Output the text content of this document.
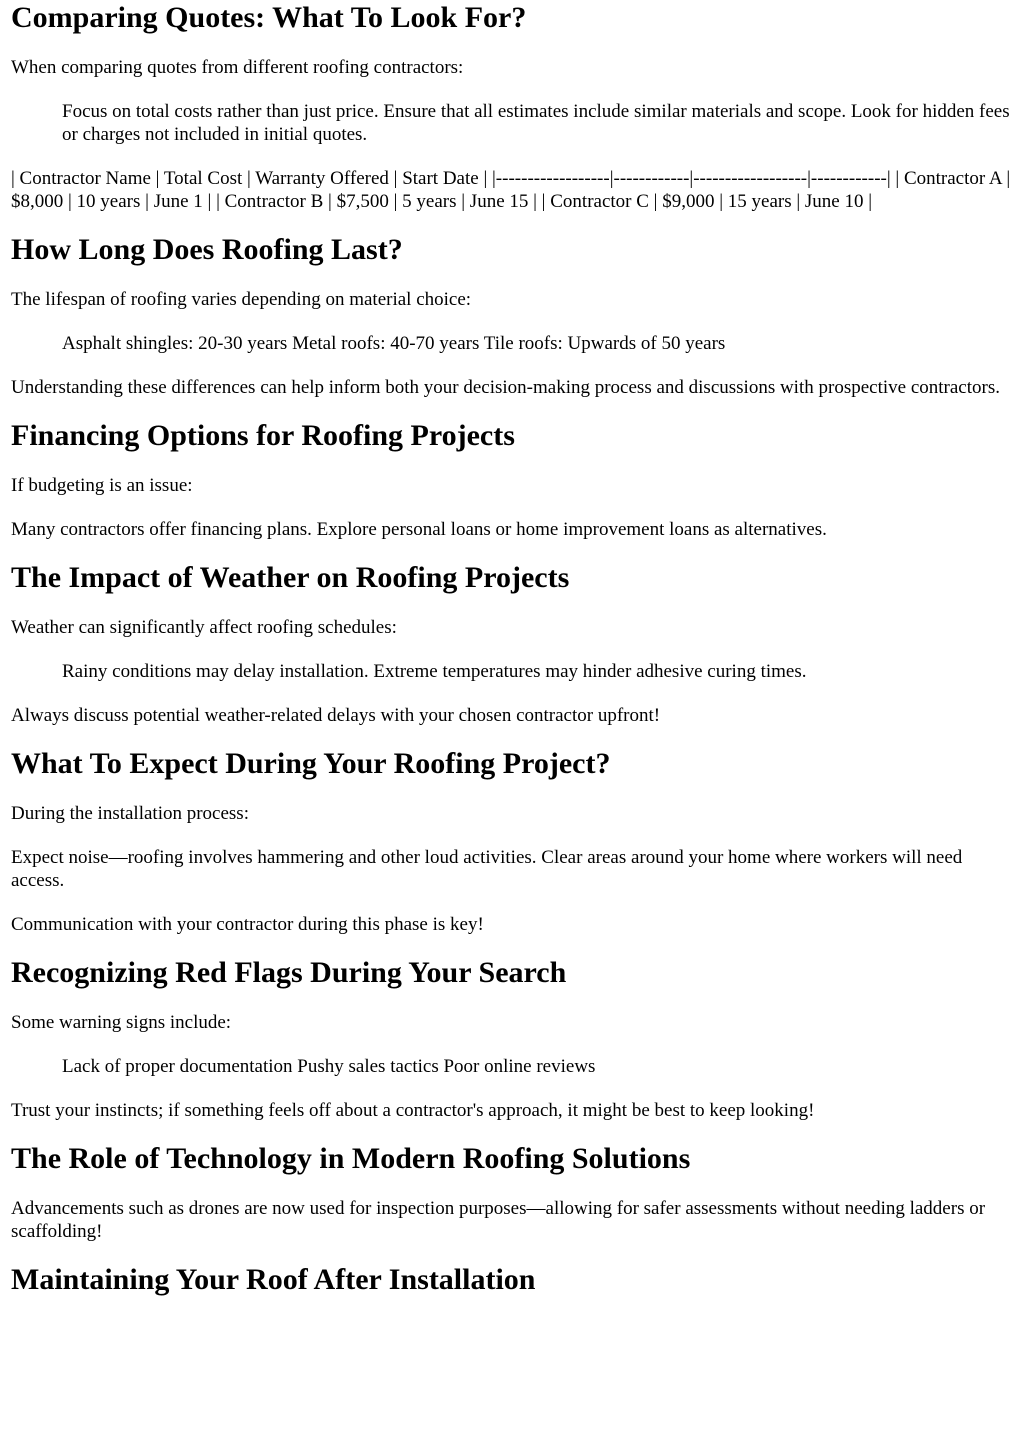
Comparing Quotes: What To Look For?

When comparing quotes from different roofing contractors:

Focus on total costs rather than just price. Ensure that all estimates include similar materials and scope. Look for hidden fees or charges not included in initial quotes.

| Contractor Name | Total Cost | Warranty Offered | Start Date | |------------------|------------|------------------|------------| | Contractor A | $8,000 | 10 years | June 1 | | Contractor B | $7,500 | 5 years | June 15 | | Contractor C | $9,000 | 15 years | June 10 |

How Long Does Roofing Last?

The lifespan of roofing varies depending on material choice:

Asphalt shingles: 20-30 years Metal roofs: 40-70 years Tile roofs: Upwards of 50 years

Understanding these differences can help inform both your decision-making process and discussions with prospective contractors.

Financing Options for Roofing Projects

If budgeting is an issue:

Many contractors offer financing plans. Explore personal loans or home improvement loans as alternatives.

The Impact of Weather on Roofing Projects

Weather can significantly affect roofing schedules:

Rainy conditions may delay installation. Extreme temperatures may hinder adhesive curing times.

Always discuss potential weather-related delays with your chosen contractor upfront!

What To Expect During Your Roofing Project?

During the installation process:

Expect noise—roofing involves hammering and other loud activities. Clear areas around your home where workers will need access.

Communication with your contractor during this phase is key!

Recognizing Red Flags During Your Search

Some warning signs include:

Lack of proper documentation Pushy sales tactics Poor online reviews

Trust your instincts; if something feels off about a contractor's approach, it might be best to keep looking!

The Role of Technology in Modern Roofing Solutions

Advancements such as drones are now used for inspection purposes—allowing for safer assessments without needing ladders or scaffolding!

Maintaining Your Roof After Installation
